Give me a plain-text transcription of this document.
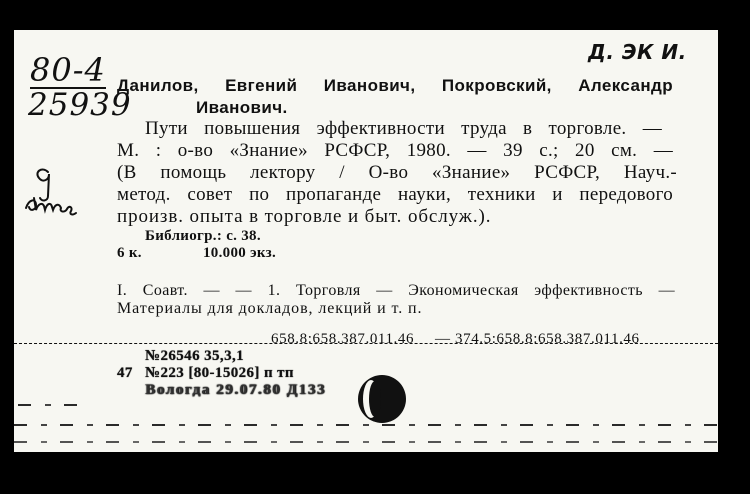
Д. ЭК И.
80-4
25939
Данилов, Евгений Иванович, Покровский, Александр
Иванович.
Пути повышения эффективности труда в торговле. —
М. : о-во «Знание» РСФСР, 1980. — 39 с.; 20 см. —
(В помощь лектору / О-во «Знание» РСФСР, Науч.-
метод. совет по пропаганде науки, техники и передового
произв. опыта в торговле и быт. обслуж.).
Библиогр.: с. 38.
6 к.	10.000 экз.
I. Соавт. — — 1. Торговля — Экономическая эффективность —
Материалы для докладов, лекций и т. п.
658.8:658.387.011.46 — 374.5:658.8:658.387.011.46
№26546 35,3,1
47 №223 [80-15026] п тп
Вологда 29.07.80 Д133
